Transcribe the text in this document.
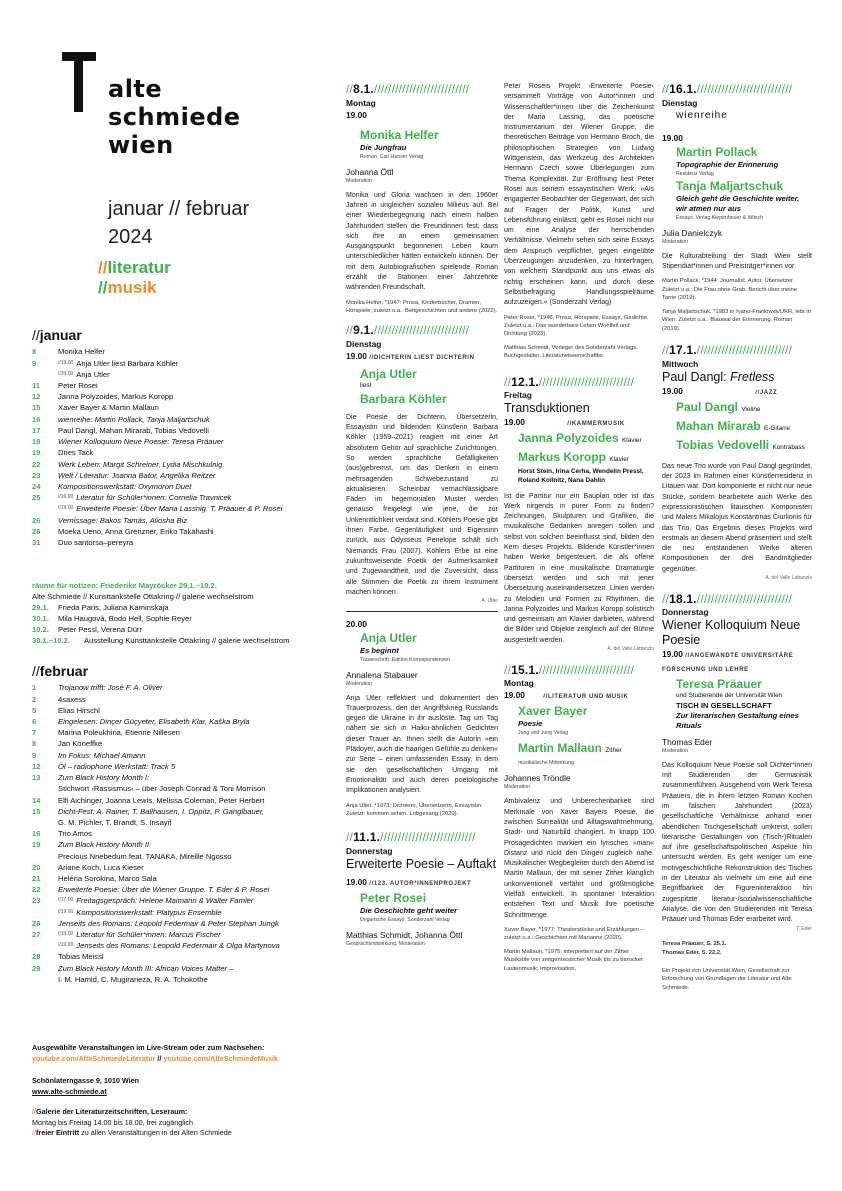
alte
schmiede
wien
januar // februar
2024
//literatur
//musik
//januar
8	Monika Helfer
9	//19.00 Anja Utler liest Barbara Köhler
//20.00 Anja Utler
11	Peter Rosei
12	Janna Polyzoides, Markus Koropp
15	Xaver Bayer & Martin Mallaun
16	wienreihe: Martin Pollack, Tanja Maljartschuk
17	Paul Dangl, Mahan Mirarab, Tobias Vedovelli
18	Wiener Kolloquium Neue Poesie: Teresa Präauer
19	Dries Tack
22	Werk Leben: Margit Schreiner, Lydia Mischkulnig
23	Welt / Literatur: Joanna Bator, Angelika Reitzer
24	Kompositionswerkstatt: Oxymoron Duet
25	//16.00 Literatur für Schüler*innen: Cornelia Travnicek
//19.00 Erweiterte Poesie: Über Maria Lassnig. T. Präauer & P. Rosei
26	Vernissage: Bakos Tamás, Aliosha Biz
26	Moeka Ueno, Anna Grenzner, Eriko Takahashi
31	Duo santorsa–pereyra
räume für notizen: Friederike Mayröcker 29.1.–10.2.
Alte Schmiede // Kunsttankstelle Ottakring // galerie wechselstrom
29.1.	Frieda Paris, Juliana Kaminskaja
30.1.	Mila Haugová, Bodo Hell, Sophie Reyer
10.2.	Peter Pessl, Verena Dürr
30.1.–10.2.	Ausstellung Kunsttankstelle Ottakring // galerie wechselstrom
//februar
1	Trojanow trifft: José F. A. Oliver
2	4saxess
5	Elias Hirschl
6	Eingelesen: Dinçer Güçyeter, Elisabeth Klar, Kaška Bryla
7	Marina Poleukhina, Etienne Nillesen
8	Jan Koneffke
9	Im Fokus: Michael Amann
12	Öl – radiophone Werkstatt: Track 5
13	Zum Black History Month I:
Stichwort ›Rassismus‹ – über Joseph Conrad & Toni Morrison
14	Elfi Aichinger, Joanna Lewis, Melissa Coleman, Peter Herbert
15	Dicht-Fest: A. Rainer, T. Ballhausen, I. Oppitz, P. Ganglbauer,
G. M. Pichler, T. Brandt, S. Insayif
16	Trio Amos
19	Zum Black History Month II:
Precious Nnebedum feat. TANAKA, Mireille Ngosso
20	Ariane Koch, Luca Kieser
21	Heléna Sorokina, Marco Sala
22	Erweiterte Poesie: Über die Wiener Gruppe. T. Eder & P. Rosei
23	//17.00 Freitagsgespräch: Helene Maimann & Walter Famler
//19.00 Kompositionswerkstatt: Platypus Ensemble
26	Jenseits des Romans: Leopold Federmair & Peter Stephan Jungk
27	//10.00 Literatur für Schüler*innen: Marcus Fischer
//19.00 Jenseits des Romans: Leopold Federmair & Olga Martynova
28	Tobias Meissl
29	Zum Black History Month III: African Voices Matter –
I. M. Hamid, C. Mugiraneza, R. A. Tchokothe
Ausgewählte Veranstaltungen im Live-Stream oder zum Nachsehen:
youtube.com/AlteSchmiedeLiteratur // youtube.com/AlteSchmiedeMusik
Schönlaterngasse 9, 1010 Wien
www.alte-schmiede.at
//Galerie der Literaturzeitschriften, Leseraum:
Montag bis Freitag 14.00 bis 18.00, frei zugänglich
//freier Eintritt zu allen Veranstaltungen in der Alten Schmiede
//8.1.///////////////////////////
Montag
19.00
Monika Helfer
Die Jungfrau
Roman. Carl Hanser Verlag
Johanna Öttl
Moderation
Monika und Gloria wachsen in den 1960er Jahren in ungleichen sozialen Milieus auf. Bei einer Wiederbegegnung nach einem halben Jahrhundert stellen die Freundinnen fest, dass sich ihre an einem gemeinsamen Ausgangspunkt begonnenen Leben kaum unterschiedlicher hätten entwickeln können. Der mit dem Autobiografischen spielende Roman erzählt die Stationen einer Jahrzehnte währenden Freundschaft.
Monika Helfer, *1947: Prosa, Kinderbücher, Dramen, Hörspiele; zuletzt u.a.: Bettgeschichten und andere (2022).
//9.1.///////////////////////////
Dienstag
19.00 //DICHTERIN LIEST DICHTERIN
Anja Utler
liest
Barbara Köhler
Die Poesie der Dichterin, Übersetzerin, Essayistin und bildenden Künstlerin Barbara Köhler (1959–2021) reagiert mit einer Art absolutem Gehör auf sprachliche Zurichtungen. So werden sprachliche Gefälligkeiten (aus)gebremst, um das Denken in einem mehrsagenden Schwebezustand zu aktualisieren. Scheinbar vernachlässigbare Fäden im hegemonialen Muster werden genauso freigelegt wie jene, die zur Unkenntlichkeit verdaut sind. Köhlers Poesie gibt ihnen Farbe, Gegenläufigkeit und Eigensinn zurück, aus Odysseus Penelope schält sich Niemands Frau (2007). Köhlers Erbe ist eine zukunftsweisende Poetik der Aufmerksamkeit und Zugewandtheit, und die Zuversicht, dass alle Stimmen die Poetik zu ihrem Instrument machen können.
A. Utler
20.00
Anja Utler
Es beginnt
Trauerschrift. Edition Korrespondenzen
Annalena Stabauer
Moderation
Anja Utler reflektiert und dokumentiert den Trauerprozess, den der Angriffskrieg Russlands gegen die Ukraine in ihr auslöste. Tag um Tag nähert sie sich in Haiku-ähnlichen Gedichten dieser Trauer an. Ihnen stellt die Autorin »ein Plädoyer, auch die haarigen Gefühle zu denken« zur Seite – einen umfassenden Essay, in dem sie den gesellschaftlichen Umgang mit Emotionalität und auch deren poetologische Implikationen analysiert.
Anja Utler, *1973: Dichterin, Übersetzerin, Essayistin. Zuletzt: kommen sehen. Lobgesang (2020).
//11.1.///////////////////////////
Donnerstag
Erweiterte Poesie – Auftakt
19.00 //123. AUTOR*INNENPROJEKT
Peter Rosei
Die Geschichte geht weiter
Ungarische Essays. Sonderzahl Verlag
Matthias Schmidt, Johanna Öttl
Gesprächsmitwirkung, Moderation
Peter Roseis Projekt ›Erweiterte Poesie‹ versammelt Vorträge von Autor*innen und Wissenschaftler*innen über die Zeichenkunst der Maria Lassnig, das poetische Instrumentarium der Wiener Gruppe, die theoretischen Beiträge von Hermann Broch, die philosophischen Strategien von Ludwig Wittgenstein, das Werkzeug des Architekten Hermann Czech sowie Überlegungen zum Thema Komplexität. Zur Eröffnung liest Peter Rosei aus seinem essayistischen Werk. »Als engagierter Beobachter der Gegenwart, der sich auf Fragen der Politik, Kunst und Lebensführung einlässt, geht es Rosei nicht nur um eine Analyse der herrschenden Verhältnisse. Vielmehr sehen sich seine Essays dem Anspruch verpflichtet, gegen eingeübte Überzeugungen anzudenken, zu hinterfragen, von welchem Standpunkt aus uns etwas als richtig erscheinen kann, und durch diese Selbstbefragung Handlungsspielräume aufzuzeigen.« (Sonderzahl Verlag)
Peter Rosei, *1946, Prosa, Hörspiele, Essays, Gedichte. Zuletzt u.a.: Das wunderbare Leben Wohlfeil und Dichtung (2023).
Matthias Schmidt, Verleger des Sonderzahl Verlags, Buchgestalter, Literaturwissenschaftler.
//12.1.///////////////////////////
Freitag
Transduktionen
19.00	//KAMMERMUSIK
Janna Polyzoides Klavier
Markus Koropp Klavier
Horst Stein, Irina Cerha, Wendelin Pressl, Roland Kollnitz, Nana Dahlin
Ist die Partitur nur ein Bauplan oder ist das Werk nirgends in purer Form zu finden? Zeichnungen, Skulpturen und Grafiken, die musikalische Gedanken anregen sollen und selbst von solchen beeinflusst sind, bilden den Kern dieses Projekts. Bildende Künstler*innen haben Werke beigesteuert, die als offene Partituren in eine musikalische Dramaturgie übersetzt werden und sich mit jener Übersetzung auseinandersetzen. Linien werden zu Melodien und Formen zu Rhythmen, die Janna Polyzoides und Markus Koropp solistisch und gemeinsam am Klavier darbieten, während die Bilder und Objekte zeitgleich auf der Bühne ausgestellt werden.
A. del Valle Lattanzio
//15.1.///////////////////////////
Montag
19.00	//LITERATUR UND MUSIK
Xaver Bayer
Poesie
Jung und Jung Verlag
Martin Mallaun Zither
musikalische Mitwirkung
Johannes Tröndle
Moderation
Ambivalenz und Unberechenbarkeit sind Merkmale von Xaver Bayers Poesie, die zwischen Surrealität und Alltagswahrnehmung, Stadt- und Naturbild changiert. In knapp 100 Prosagedichten markiert ein lyrisches »man« Distanz und rückt den Dingen zugleich nahe. Musikalischer Wegbegleiter durch den Abend ist Martin Mallaun, der mit seiner Zither klanglich unkonventionell verfährt und größtmögliche Vielfalt entwickelt. In spontaner Interaktion entstehen Text und Musik ihre poetische Schnittmenge.
Xaver Bayer, *1977: Theaterstücke und Erzählungen – zuletzt u.a.: Geschichten mit Marianne (2020).
Martin Mallaun, *1975: interpretiert auf der Zither Musikstile von zeitgenössischer Musik bis zu barocker Lautenmusik; Improvisation.
//16.1.///////////////////////////
Dienstag
wienreihe
19.00
Martin Pollack
Topographie der Erinnerung
Residenz Verlag
Tanja Maljartschuk
Gleich geht die Geschichte weiter, wir atmen nur aus
Essays. Verlag Kiepenheuer & Witsch
Julia Danielczyk
Moderation
Die Kulturabteilung der Stadt Wien stellt Stipendiat*innen und Preisträger*innen vor.
Martin Pollack, *1944: Journalist, Autor, Übersetzer. Zuletzt u.a.: Die Frau ohne Grab. Bericht über meine Tante (2019).
Tanja Maljartschuk, *1983 in Ivano-Frankiwsk/UKR, lebt in Wien. Zuletzt u.a.: Blauwal der Erinnerung. Roman (2019).
//17.1.///////////////////////////
Mittwoch
Paul Dangl: Fretless
19.00	//JAZZ
Paul Dangl Violine
Mahan Mirarab E-Gitarre
Tobias Vedovelli Kontrabass
Das neue Trio wurde von Paul Dangl gegründet, der 2023 im Rahmen einer Künstlerresidenz in Litauen war. Dort komponierte er nicht nur neue Stücke, sondern bearbeitete auch Werke des expressionistischen litauischen Komponisten und Malers Mikalojus Konstantinas Čiurlionis für das Trio. Das Ergebnis dieses Projekts wird erstmals an diesem Abend präsentiert und stellt die neu entstandenen Werke älteren Kompositionen der drei Bandmitglieder gegenüber.
A. del Valle Lattanzio
//18.1.///////////////////////////
Donnerstag
Wiener Kolloquium Neue Poesie
19.00 //ANGEWANDTE UNIVERSITÄRE FORSCHUNG UND LEHRE
Teresa Präauer
und Studierende der Universität Wien
TISCH IN GESELLSCHAFT
Zur literarischen Gestaltung eines Rituals
Thomas Eder
Moderation
Das Kolloquium Neue Poesie soll Dichter*innen mit Studierenden der Germanistik zusammenführen. Ausgehend vom Werk Teresa Präauers, die in ihrem letzten Roman Kochen im falschen Jahrhundert (2023) gesellschaftliche Verhältnisse anhand einer abendlichen Tischgesellschaft umkreist, sollen literarische Gestaltungen von (Tisch-)Ritualen auf ihre gesellschaftspolitischen Aspekte hin untersucht werden. Es geht weniger um eine motivgeschichtliche Rekonstruktion des Tisches in der Literatur als vielmehr um eine auf eine Begriffbarkeit der Figureninteraktion hin zugespitzte literatur-/sozialwissenschaftliche Analyse, die von den Studierenden mit Teresa Präauer und Thomas Eder erarbeitet wird.
T. Eder
Teresa Präauer, S. 25.1.
Thomas Eder, S. 22.2.
Ein Projekt von Universität Wien, Gesellschaft zur Erforschung von Grundlagen der Literatur und Alte Schmiede.
